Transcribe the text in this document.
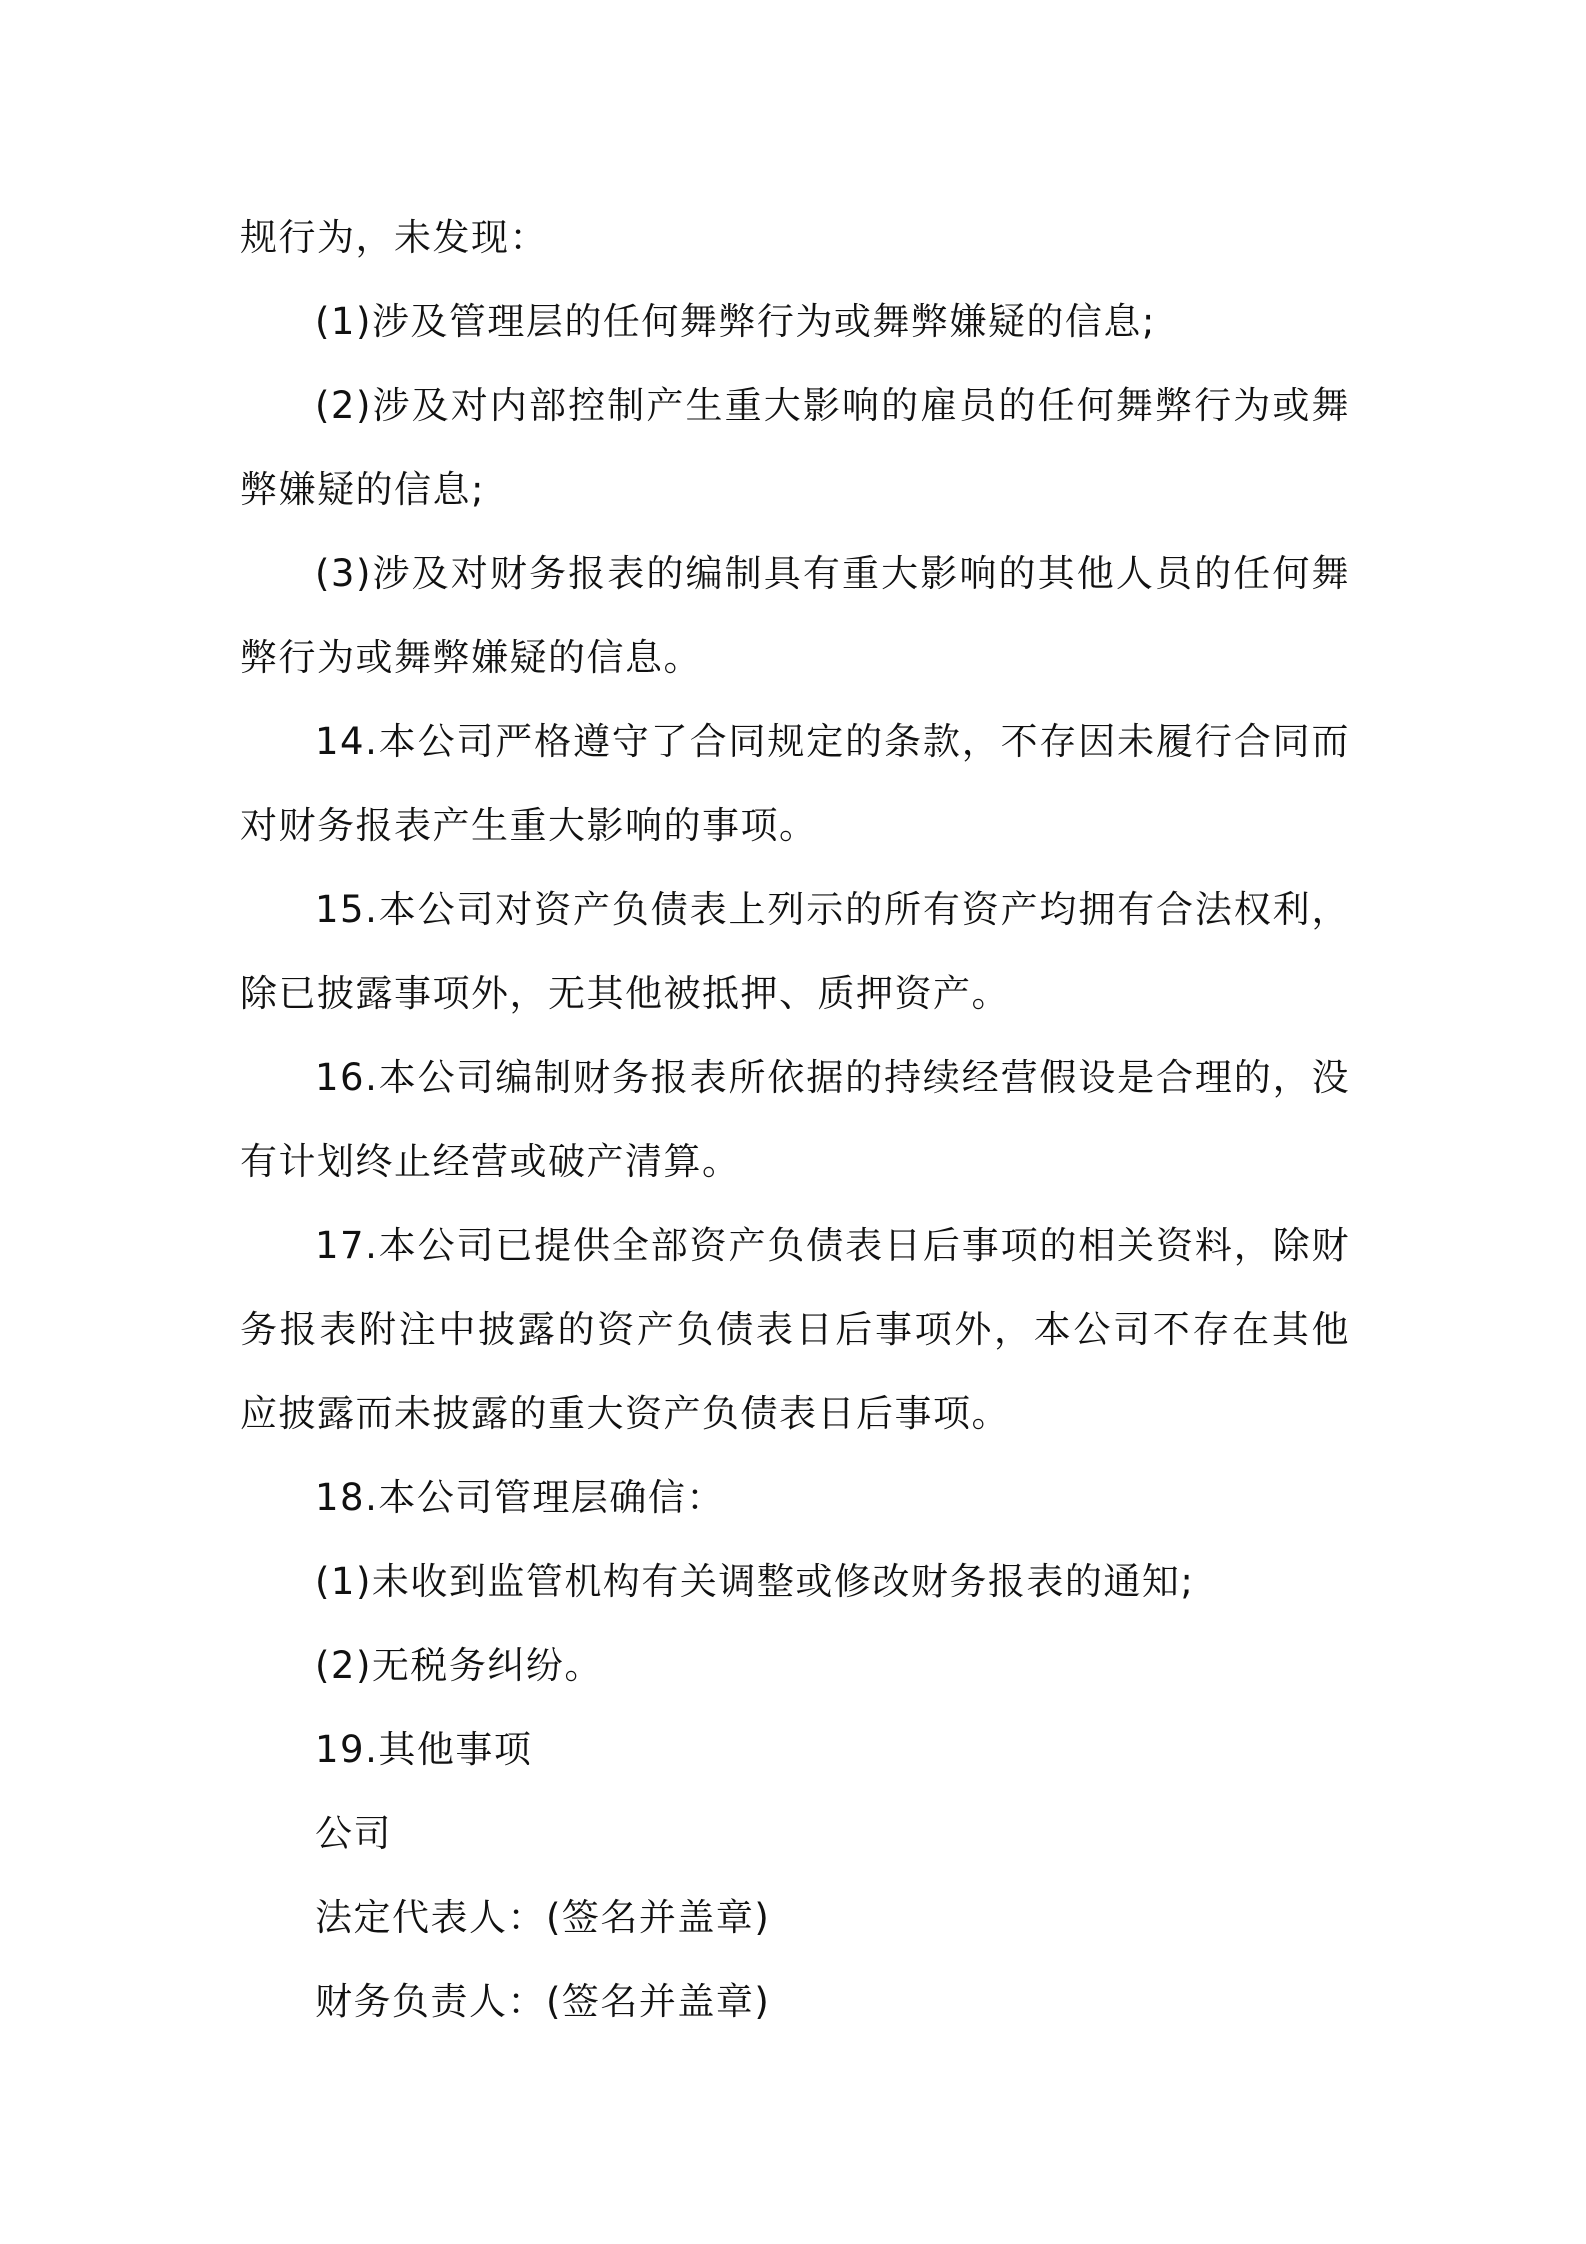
规行为，未发现：

(1)涉及管理层的任何舞弊行为或舞弊嫌疑的信息;

(2)涉及对内部控制产生重大影响的雇员的任何舞弊行为或舞弊嫌疑的信息;

(3)涉及对财务报表的编制具有重大影响的其他人员的任何舞弊行为或舞弊嫌疑的信息。

14.本公司严格遵守了合同规定的条款，不存因未履行合同而对财务报表产生重大影响的事项。

15.本公司对资产负债表上列示的所有资产均拥有合法权利，除已披露事项外，无其他被抵押、质押资产。

16.本公司编制财务报表所依据的持续经营假设是合理的，没有计划终止经营或破产清算。

17.本公司已提供全部资产负债表日后事项的相关资料，除财务报表附注中披露的资产负债表日后事项外，本公司不存在其他应披露而未披露的重大资产负债表日后事项。

18.本公司管理层确信：

(1)未收到监管机构有关调整或修改财务报表的通知;

(2)无税务纠纷。

19.其他事项

公司

法定代表人：(签名并盖章)

财务负责人：(签名并盖章)
